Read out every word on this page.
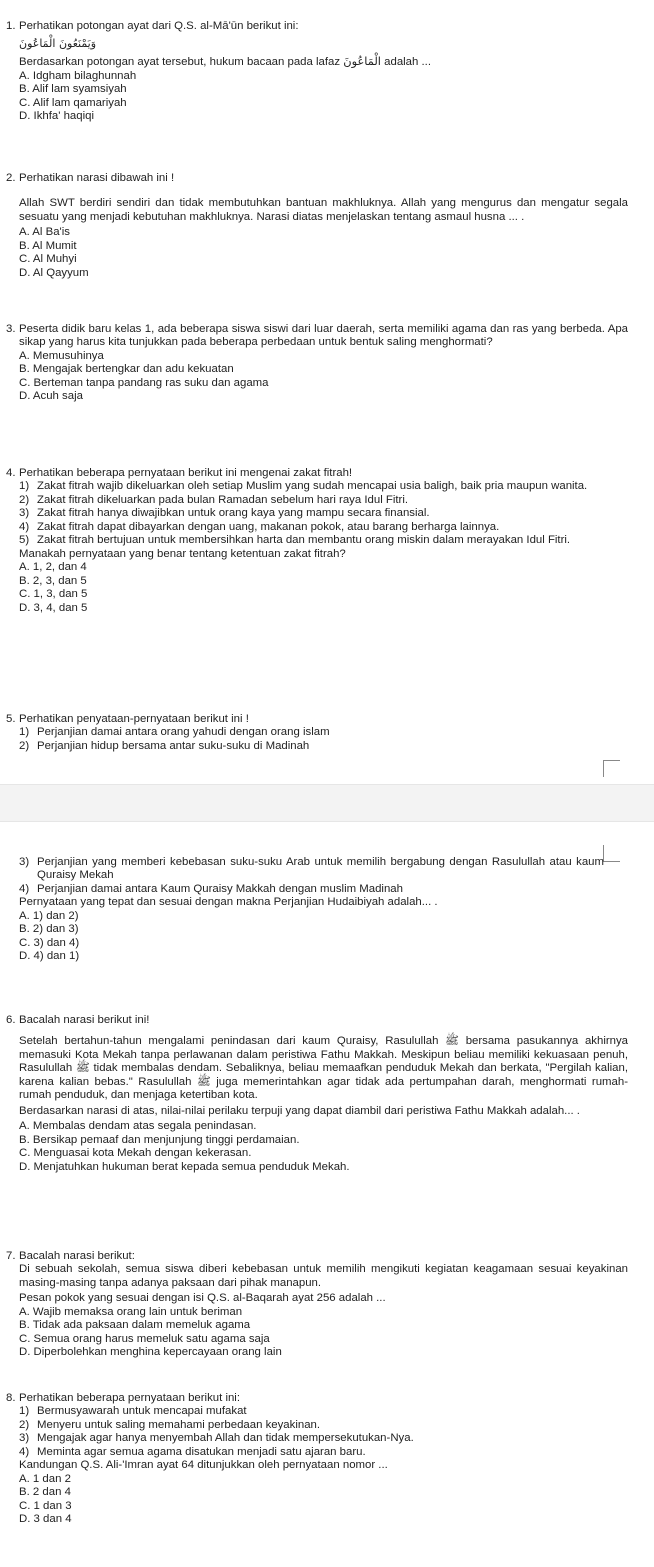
1. Perhatikan potongan ayat dari Q.S. al-Mā'ūn berikut ini:
وَيَمْنَعُونَ الْمَاعُونَ
Berdasarkan potongan ayat tersebut, hukum bacaan pada lafaz الْمَاعُونَ adalah ...
A. Idgham bilaghunnah
B. Alif lam syamsiyah
C. Alif lam qamariyah
D. Ikhfa' haqiqi
2. Perhatikan narasi dibawah ini !
Allah SWT berdiri sendiri dan tidak membutuhkan bantuan makhluknya. Allah yang mengurus dan mengatur segala sesuatu yang menjadi kebutuhan makhluknya. Narasi diatas menjelaskan tentang asmaul husna ... .
A. Al Ba'is
B. Al Mumit
C. Al Muhyi
D. Al Qayyum
3. Peserta didik baru kelas 1, ada beberapa siswa siswi dari luar daerah, serta memiliki agama dan ras yang berbeda. Apa sikap yang harus kita tunjukkan pada beberapa perbedaan untuk bentuk saling menghormati?
A. Memusuhinya
B. Mengajak bertengkar dan adu kekuatan
C. Berteman tanpa pandang ras suku dan agama
D. Acuh saja
4. Perhatikan beberapa pernyataan berikut ini mengenai zakat fitrah!
1) Zakat fitrah wajib dikeluarkan oleh setiap Muslim yang sudah mencapai usia baligh, baik pria maupun wanita.
2) Zakat fitrah dikeluarkan pada bulan Ramadan sebelum hari raya Idul Fitri.
3) Zakat fitrah hanya diwajibkan untuk orang kaya yang mampu secara finansial.
4) Zakat fitrah dapat dibayarkan dengan uang, makanan pokok, atau barang berharga lainnya.
5) Zakat fitrah bertujuan untuk membersihkan harta dan membantu orang miskin dalam merayakan Idul Fitri.
Manakah pernyataan yang benar tentang ketentuan zakat fitrah?
A. 1, 2, dan 4
B. 2, 3, dan 5
C. 1, 3, dan 5
D. 3, 4, dan 5
5. Perhatikan penyataan-pernyataan berikut ini !
1) Perjanjian damai antara orang yahudi dengan orang islam
2) Perjanjian hidup bersama antar suku-suku di Madinah
3) Perjanjian yang memberi kebebasan suku-suku Arab untuk memilih bergabung dengan Rasulullah atau kaum Quraisy Mekah
4) Perjanjian damai antara Kaum Quraisy Makkah dengan muslim Madinah
Pernyataan yang tepat dan sesuai dengan makna Perjanjian Hudaibiyah adalah... .
A. 1) dan 2)
B. 2) dan 3)
C. 3) dan 4)
D. 4) dan 1)
6. Bacalah narasi berikut ini!
Setelah bertahun-tahun mengalami penindasan dari kaum Quraisy, Rasulullah ﷺ bersama pasukannya akhirnya memasuki Kota Mekah tanpa perlawanan dalam peristiwa Fathu Makkah. Meskipun beliau memiliki kekuasaan penuh, Rasulullah ﷺ tidak membalas dendam. Sebaliknya, beliau memaafkan penduduk Mekah dan berkata, "Pergilah kalian, karena kalian bebas." Rasulullah ﷺ juga memerintahkan agar tidak ada pertumpahan darah, menghormati rumah-rumah penduduk, dan menjaga ketertiban kota.
Berdasarkan narasi di atas, nilai-nilai perilaku terpuji yang dapat diambil dari peristiwa Fathu Makkah adalah... .
A. Membalas dendam atas segala penindasan.
B. Bersikap pemaaf dan menjunjung tinggi perdamaian.
C. Menguasai kota Mekah dengan kekerasan.
D. Menjatuhkan hukuman berat kepada semua penduduk Mekah.
7. Bacalah narasi berikut:
Di sebuah sekolah, semua siswa diberi kebebasan untuk memilih mengikuti kegiatan keagamaan sesuai keyakinan masing-masing tanpa adanya paksaan dari pihak manapun.
Pesan pokok yang sesuai dengan isi Q.S. al-Baqarah ayat 256 adalah ...
A. Wajib memaksa orang lain untuk beriman
B. Tidak ada paksaan dalam memeluk agama
C. Semua orang harus memeluk satu agama saja
D. Diperbolehkan menghina kepercayaan orang lain
8. Perhatikan beberapa pernyataan berikut ini:
1) Bermusyawarah untuk mencapai mufakat
2) Menyeru untuk saling memahami perbedaan keyakinan.
3) Mengajak agar hanya menyembah Allah dan tidak mempersekutukan-Nya.
4) Meminta agar semua agama disatukan menjadi satu ajaran baru.
Kandungan Q.S. Ali-'Imran ayat 64 ditunjukkan oleh pernyataan nomor ...
A. 1 dan 2
B. 2 dan 4
C. 1 dan 3
D. 3 dan 4
